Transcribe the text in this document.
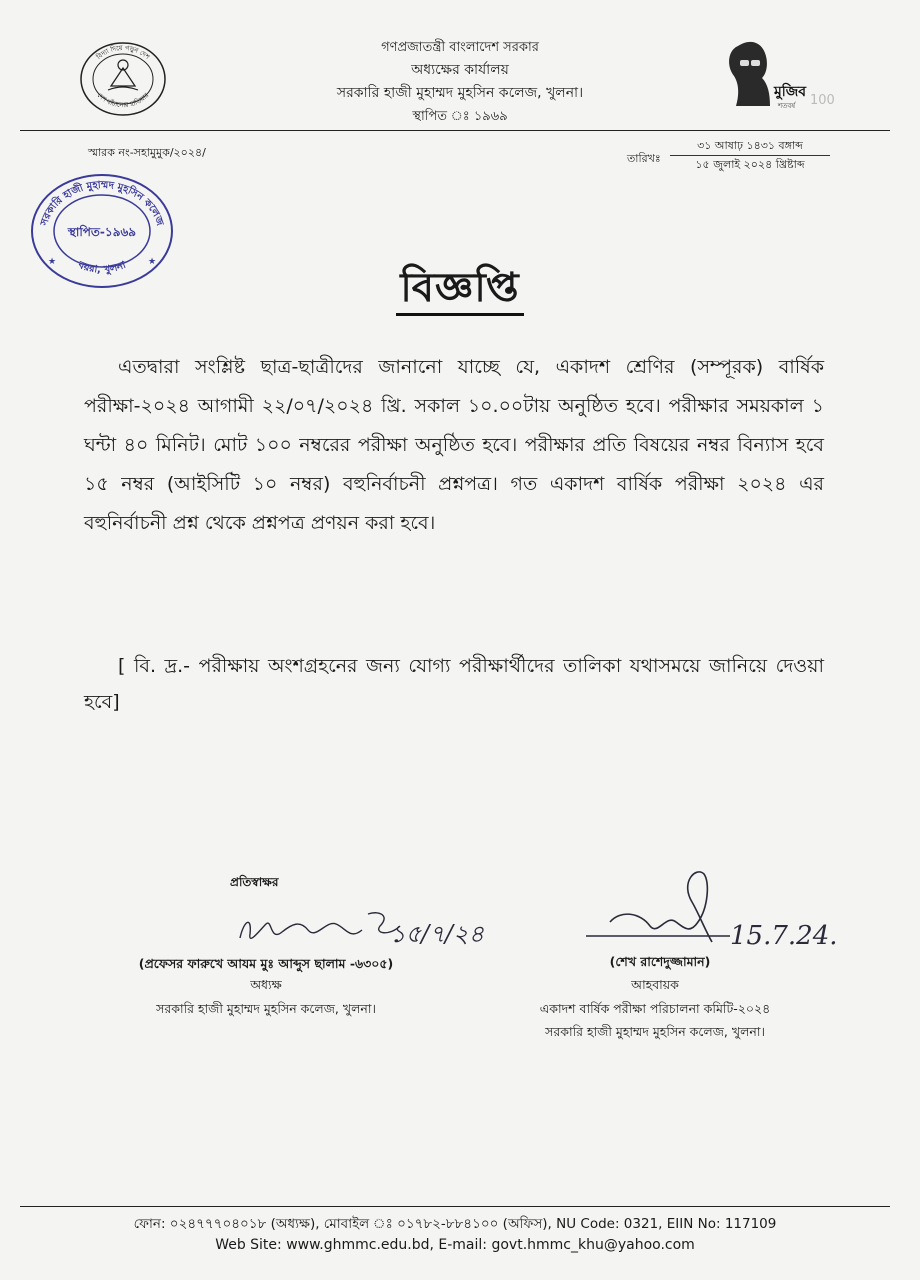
বিদ্যা দিয়ে গড়ুন দেশ
দেশ বাঁচানোর হাতিয়ার
গণপ্রজাতন্ত্রী বাংলাদেশ সরকার
অধ্যক্ষের কার্যালয়
সরকারি হাজী মুহাম্মদ মুহসিন কলেজ, খুলনা।
স্থাপিত ঃ ১৯৬৯
মুজিব
শতবর্ষ 100
স্মারক নং-সহামুমুক/২০২৪/	তারিখঃ
৩১ আষাঢ় ১৪৩১ বঙ্গাব্দ
১৫ জুলাই ২০২৪ খ্রিষ্টাব্দ
সরকারি হাজী মুহাম্মদ মুহসিন কলেজ
বয়রা, খুলনা
স্থাপিত-১৯৬৯
★	★
বিজ্ঞপ্তি
এতদ্বারা সংশ্লিষ্ট ছাত্র-ছাত্রীদের জানানো যাচ্ছে যে, একাদশ শ্রেণির (সম্পূরক) বার্ষিক পরীক্ষা-২০২৪ আগামী ২২/০৭/২০২৪ খ্রি. সকাল ১০.০০টায় অনুষ্ঠিত হবে। পরীক্ষার সময়কাল ১ ঘন্টা ৪০ মিনিট। মোট ১০০ নম্বরের পরীক্ষা অনুষ্ঠিত হবে। পরীক্ষার প্রতি বিষয়ের নম্বর বিন্যাস হবে ১৫ নম্বর (আইসিটি ১০ নম্বর) বহুনির্বাচনী প্রশ্নপত্র। গত একাদশ বার্ষিক পরীক্ষা ২০২৪ এর বহুনির্বাচনী প্রশ্ন থেকে প্রশ্নপত্র প্রণয়ন করা হবে।
[ বি. দ্র.- পরীক্ষায় অংশগ্রহনের জন্য যোগ্য পরীক্ষার্থীদের তালিকা যথাসময়ে জানিয়ে দেওয়া হবে]
প্রতিস্বাক্ষর
১৫/৭/২৪
(প্রফেসর ফারুখে আযম মুঃ আব্দুস ছালাম -৬৩০৫)
অধ্যক্ষ
সরকারি হাজী মুহাম্মদ মুহসিন কলেজ, খুলনা।
15.7.24.
(শেখ রাশেদুজ্জামান)
আহবায়ক
একাদশ বার্ষিক পরীক্ষা পরিচালনা কমিটি-২০২৪
সরকারি হাজী মুহাম্মদ মুহসিন কলেজ, খুলনা।
ফোন: ০২৪৭৭৭০৪০১৮ (অধ্যক্ষ), মোবাইল ঃ ০১৭৮২-৮৮৪১০০ (অফিস), NU Code: 0321, EIIN No: 117109
Web Site: www.ghmmc.edu.bd, E-mail: govt.hmmc_khu@yahoo.com
